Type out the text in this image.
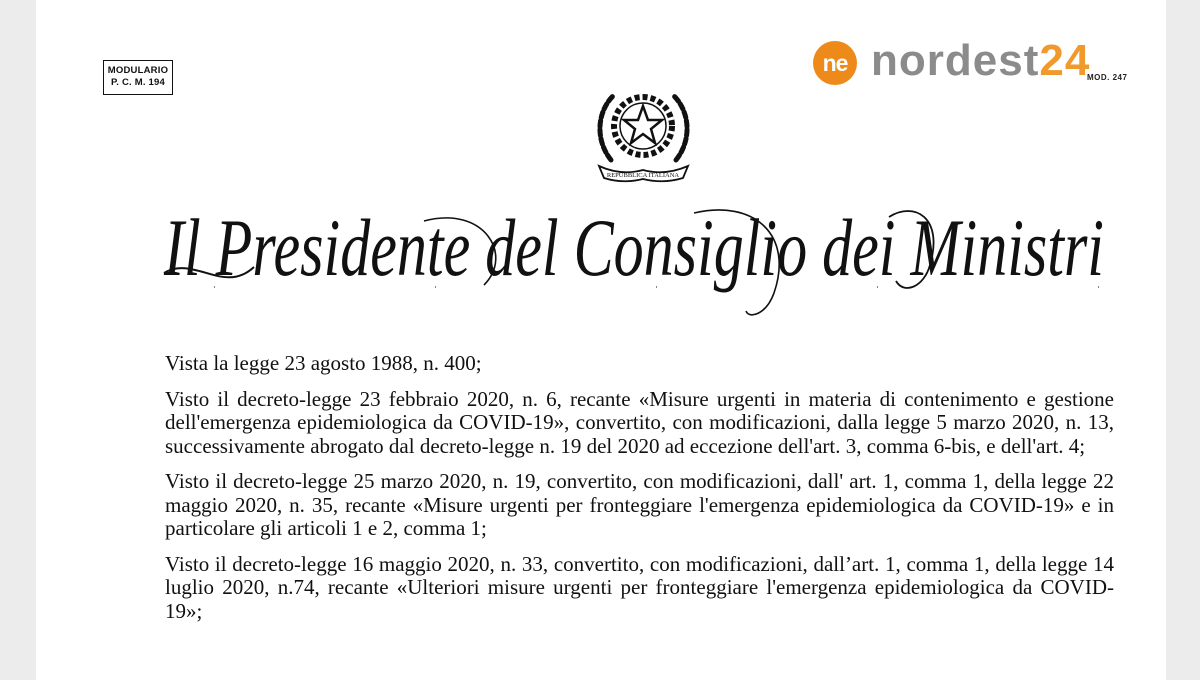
MODULARIO
P. C. M. 194
ne nordest24
MOD. 247
REPUBBLICA ITALIANA
Il Presidente del Consiglio dei Ministri

Vista la legge 23 agosto 1988, n. 400;

Visto il decreto-legge 23 febbraio 2020, n. 6, recante «Misure urgenti in materia di contenimento e gestione dell'emergenza epidemiologica da COVID-19», convertito, con modificazioni, dalla legge 5 marzo 2020, n. 13, successivamente abrogato dal decreto-legge n. 19 del 2020 ad eccezione dell'art. 3, comma 6-bis, e dell'art. 4;

Visto il decreto-legge 25 marzo 2020, n. 19, convertito, con modificazioni, dall' art. 1, comma 1, della legge 22 maggio 2020, n. 35, recante «Misure urgenti per fronteggiare l'emergenza epidemiologica da COVID-19» e in particolare gli articoli 1 e 2, comma 1;

Visto il decreto-legge 16 maggio 2020, n. 33, convertito, con modificazioni, dall’art. 1, comma 1, della legge 14 luglio 2020, n.74, recante «Ulteriori misure urgenti per fronteggiare l'emergenza epidemiologica da COVID-19»;
